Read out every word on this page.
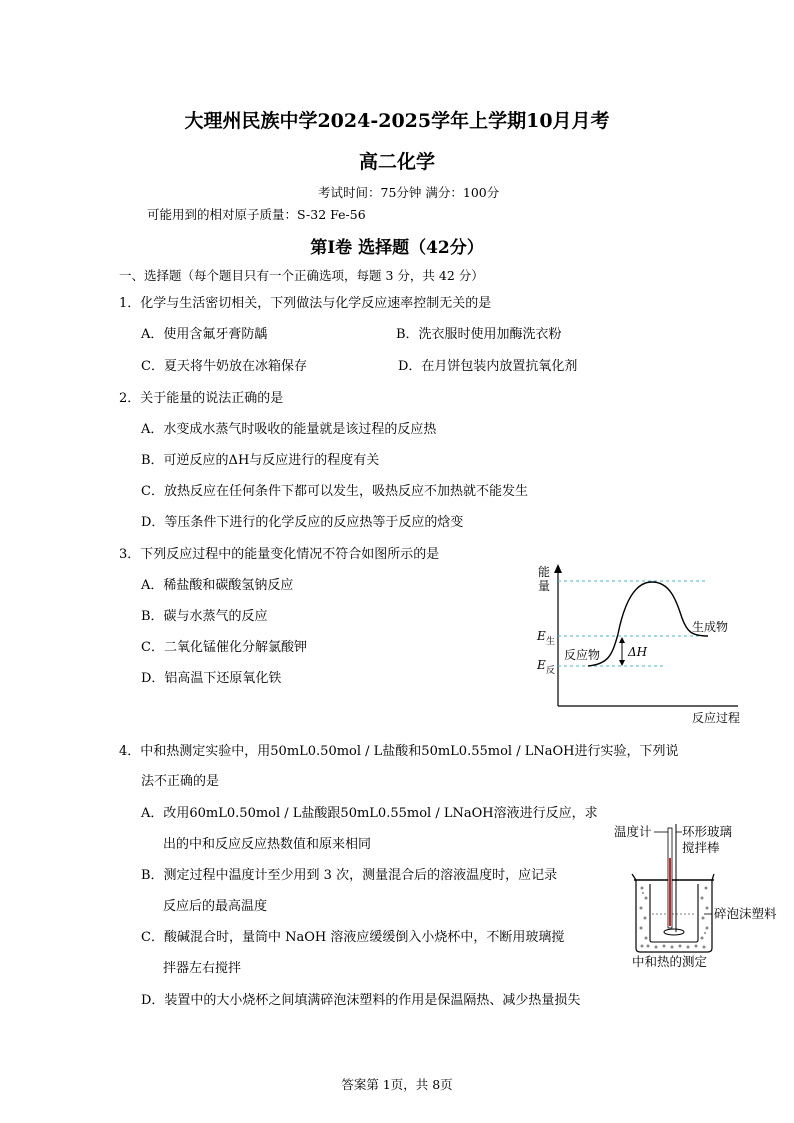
大理州民族中学2024-2025学年上学期10月月考
高二化学
考试时间：75分钟 满分：100分
可能用到的相对原子质量：S-32 Fe-56
第Ⅰ卷 选择题（42分）
一、选择题（每个题目只有一个正确选项，每题 3 分，共 42 分）
1．化学与生活密切相关，下列做法与化学反应速率控制无关的是
A．使用含氟牙膏防龋	B．洗衣服时使用加酶洗衣粉
C．夏天将牛奶放在冰箱保存	D．在月饼包装内放置抗氧化剂
2．关于能量的说法正确的是
A．水变成水蒸气时吸收的能量就是该过程的反应热
B．可逆反应的ΔH与反应进行的程度有关
C．放热反应在任何条件下都可以发生，吸热反应不加热就不能发生
D．等压条件下进行的化学反应的反应热等于反应的焓变
3．下列反应过程中的能量变化情况不符合如图所示的是
A．稀盐酸和碳酸氢钠反应
B．碳与水蒸气的反应
C．二氧化锰催化分解氯酸钾
D．铝高温下还原氧化铁
能
量
反应过程
E 生
E 反
反应物
生成物
ΔH
4．中和热测定实验中，用50mL0.50mol / L盐酸和50mL0.55mol / LNaOH进行实验，下列说
法不正确的是
A．改用60mL0.50mol / L盐酸跟50mL0.55mol / LNaOH溶液进行反应，求
出的中和反应反应热数值和原来相同
B．测定过程中温度计至少用到 3 次，测量混合后的溶液温度时，应记录
反应后的最高温度
C．酸碱混合时，量筒中 NaOH 溶液应缓缓倒入小烧杯中，不断用玻璃搅
拌器左右搅拌
D．装置中的大小烧杯之间填满碎泡沫塑料的作用是保温隔热、减少热量损失
温度计 环形玻璃
搅拌棒
碎泡沫塑料
中和热的测定
答案第 1页，共 8页
